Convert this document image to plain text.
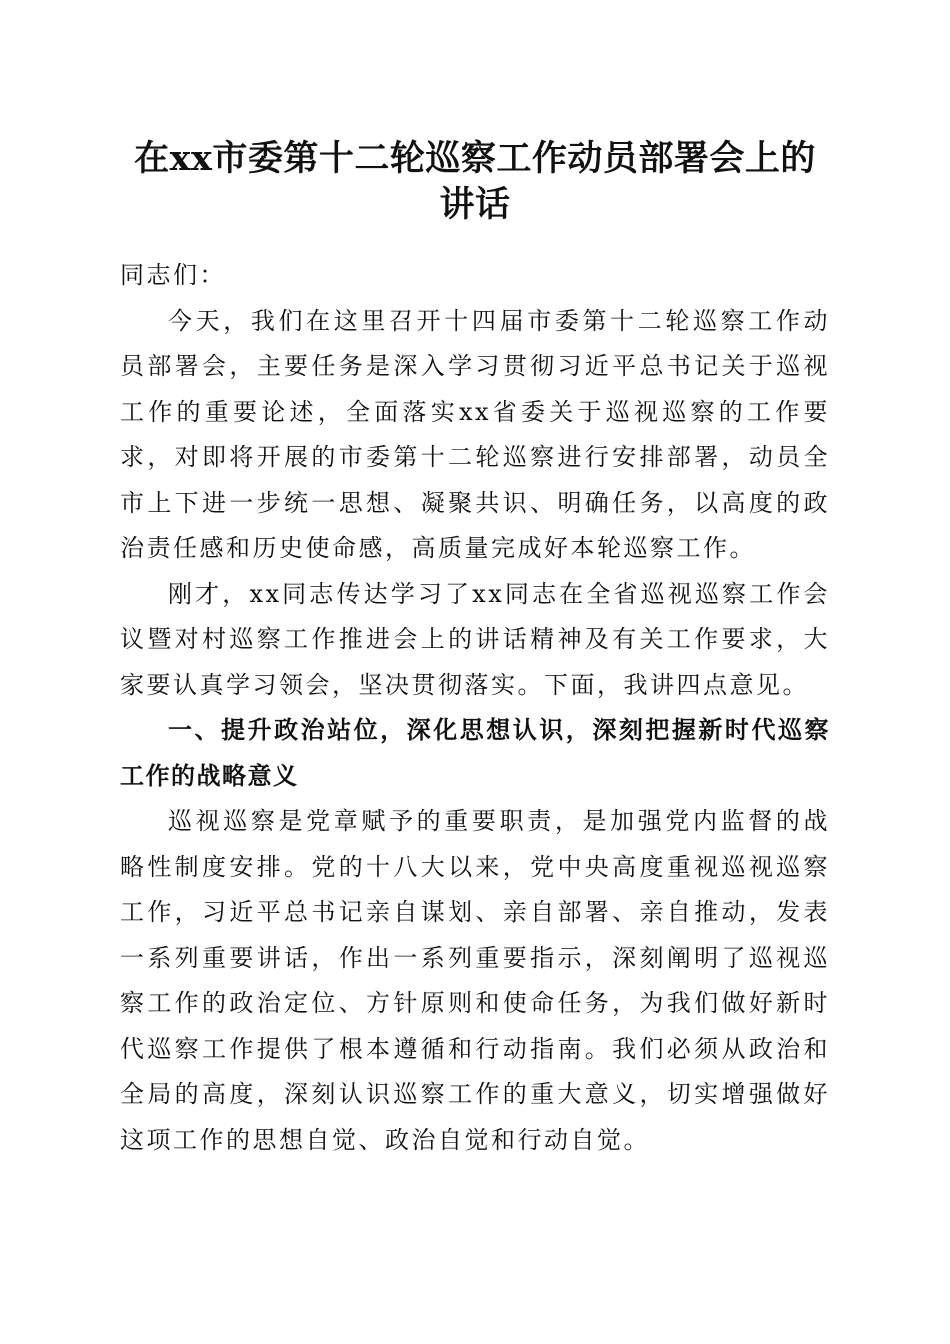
在xx市委第十二轮巡察工作动员部署会上的
讲话

同志们：

今天，我们在这里召开十四届市委第十二轮巡察工作动员部署会，主要任务是深入学习贯彻习近平总书记关于巡视工作的重要论述，全面落实xx省委关于巡视巡察的工作要求，对即将开展的市委第十二轮巡察进行安排部署，动员全市上下进一步统一思想、凝聚共识、明确任务，以高度的政治责任感和历史使命感，高质量完成好本轮巡察工作。

刚才，xx同志传达学习了xx同志在全省巡视巡察工作会议暨对村巡察工作推进会上的讲话精神及有关工作要求，大家要认真学习领会，坚决贯彻落实。下面，我讲四点意见。

一、提升政治站位，深化思想认识，深刻把握新时代巡察工作的战略意义

巡视巡察是党章赋予的重要职责，是加强党内监督的战略性制度安排。党的十八大以来，党中央高度重视巡视巡察工作，习近平总书记亲自谋划、亲自部署、亲自推动，发表一系列重要讲话，作出一系列重要指示，深刻阐明了巡视巡察工作的政治定位、方针原则和使命任务，为我们做好新时代巡察工作提供了根本遵循和行动指南。我们必须从政治和全局的高度，深刻认识巡察工作的重大意义，切实增强做好这项工作的思想自觉、政治自觉和行动自觉。
